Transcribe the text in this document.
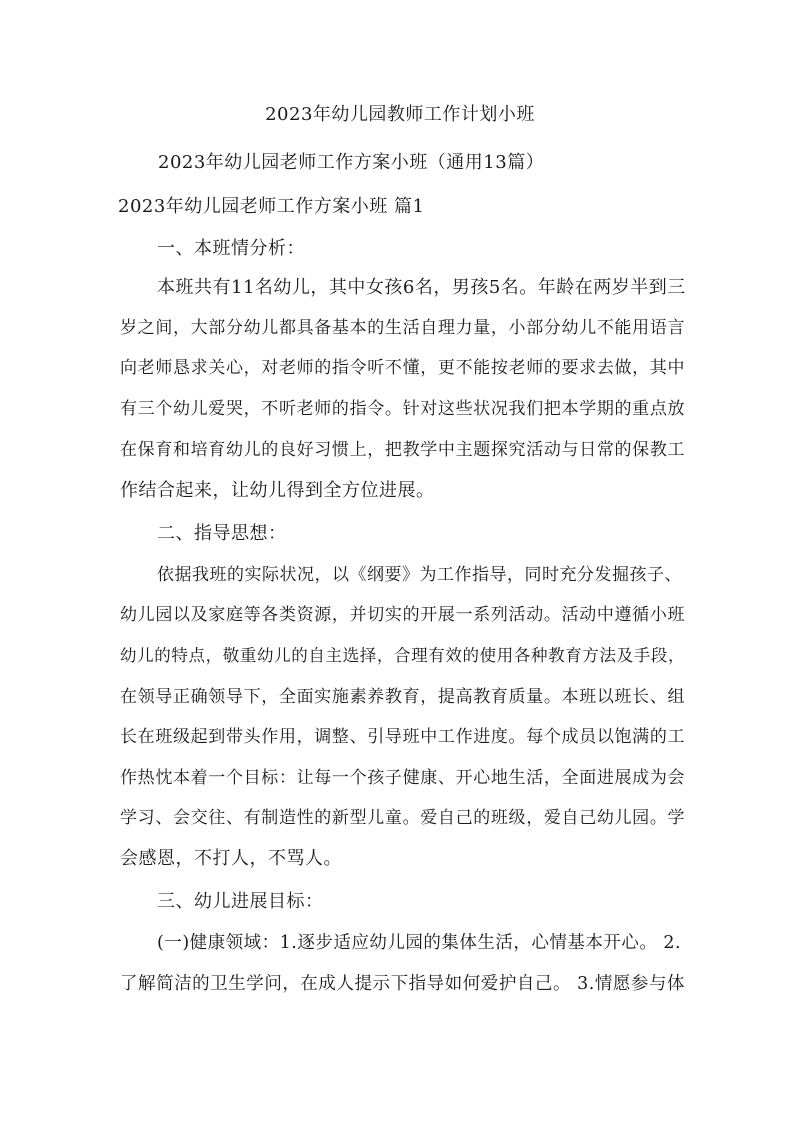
2023年幼儿园教师工作计划小班
2023年幼儿园老师工作方案小班（通用13篇）
2023年幼儿园老师工作方案小班 篇1
一、本班情分析：
本班共有11名幼儿，其中女孩6名，男孩5名。年龄在两岁半到三
岁之间，大部分幼儿都具备基本的生活自理力量，小部分幼儿不能用语言
向老师恳求关心，对老师的指令听不懂，更不能按老师的要求去做，其中
有三个幼儿爱哭，不听老师的指令。针对这些状况我们把本学期的重点放
在保育和培育幼儿的良好习惯上，把教学中主题探究活动与日常的保教工
作结合起来，让幼儿得到全方位进展。
二、指导思想：
依据我班的实际状况，以《纲要》为工作指导，同时充分发掘孩子、
幼儿园以及家庭等各类资源，并切实的开展一系列活动。活动中遵循小班
幼儿的特点，敬重幼儿的自主选择，合理有效的使用各种教育方法及手段，
在领导正确领导下，全面实施素养教育，提高教育质量。本班以班长、组
长在班级起到带头作用，调整、引导班中工作进度。每个成员以饱满的工
作热忱本着一个目标：让每一个孩子健康、开心地生活，全面进展成为会
学习、会交往、有制造性的新型儿童。爱自己的班级，爱自己幼儿园。学
会感恩，不打人，不骂人。
三、幼儿进展目标：
(一)健康领域：1.逐步适应幼儿园的集体生活，心情基本开心。 2.
了解简洁的卫生学问，在成人提示下指导如何爱护自己。 3.情愿参与体
